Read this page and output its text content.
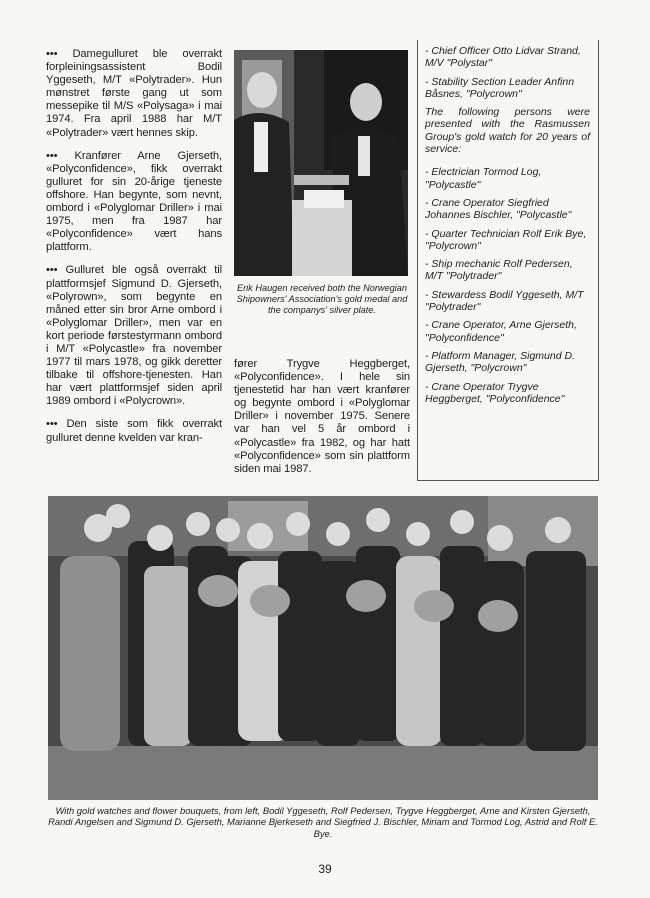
••• Damegulluret ble overrakt forpleiningsassistent Bodil Yggeseth, M/T «Polytrader». Hun mønstret første gang ut som messepike til M/S «Polysaga» i mai 1974. Fra april 1988 har M/T «Polytrader» vært hennes skip.

••• Kranfører Arne Gjerseth, «Polyconfidence», fikk overrakt gulluret for sin 20-årige tjeneste offshore. Han begynte, som nevnt, ombord i «Polyglomar Driller» i mai 1975, men fra 1987 har «Polyconfidence» vært hans plattform.

••• Gulluret ble også overrakt til plattformsjef Sigmund D. Gjerseth, «Polyrown», som begynte en måned etter sin bror Arne ombord i «Polyglomar Driller», men var en kort periode førstestyrmann ombord i M/T «Polycastle» fra november 1977 til mars 1978, og gikk deretter tilbake til offshore-tjenesten. Han har vært plattformsjef siden april 1989 ombord i «Polycrown».

••• Den siste som fikk overrakt gulluret denne kvelden var kran-

Erik Haugen received both the Norwegian Shipowners' Association's gold medal and the companys' silver plate.

fører Trygve Heggberget, «Polyconfidence». I hele sin tjenestetid har han vært kranfører og begynte ombord i «Polyglomar Driller» i november 1975. Senere var han vel 5 år ombord i «Polycastle» fra 1982, og har hatt «Polyconfidence» som sin plattform siden mai 1987.

- Chief Officer Otto Lidvar Strand, M/V "Polystar"
- Stability Section Leader Anfinn Båsnes, "Polycrown"

The following persons were presented with the Rasmussen Group's gold watch for 20 years of service:

- Electrician Tormod Log, "Polycastle"
- Crane Operator Siegfried Johannes Bischler, "Polycastle"
- Quarter Technician Rolf Erik Bye, "Polycrown"
- Ship mechanic Rolf Pedersen, M/T "Polytrader"
- Stewardess Bodil Yggeseth, M/T "Polytrader"
- Crane Operator, Arne Gjerseth, "Polyconfidence"
- Platform Manager, Sigmund D. Gjerseth, "Polycrown"
- Crane Operator Trygve Heggberget, "Polyconfidence"

With gold watches and flower bouquets, from left, Bodil Yggeseth, Rolf Pedersen, Trygve Heggberget, Arne and Kirsten Gjerseth, Randi Angelsen and Sigmund D. Gjerseth, Marianne Bjerkeseth and Siegfried J. Bischler, Miriam and Tormod Log, Astrid and Rolf E. Bye.

39
